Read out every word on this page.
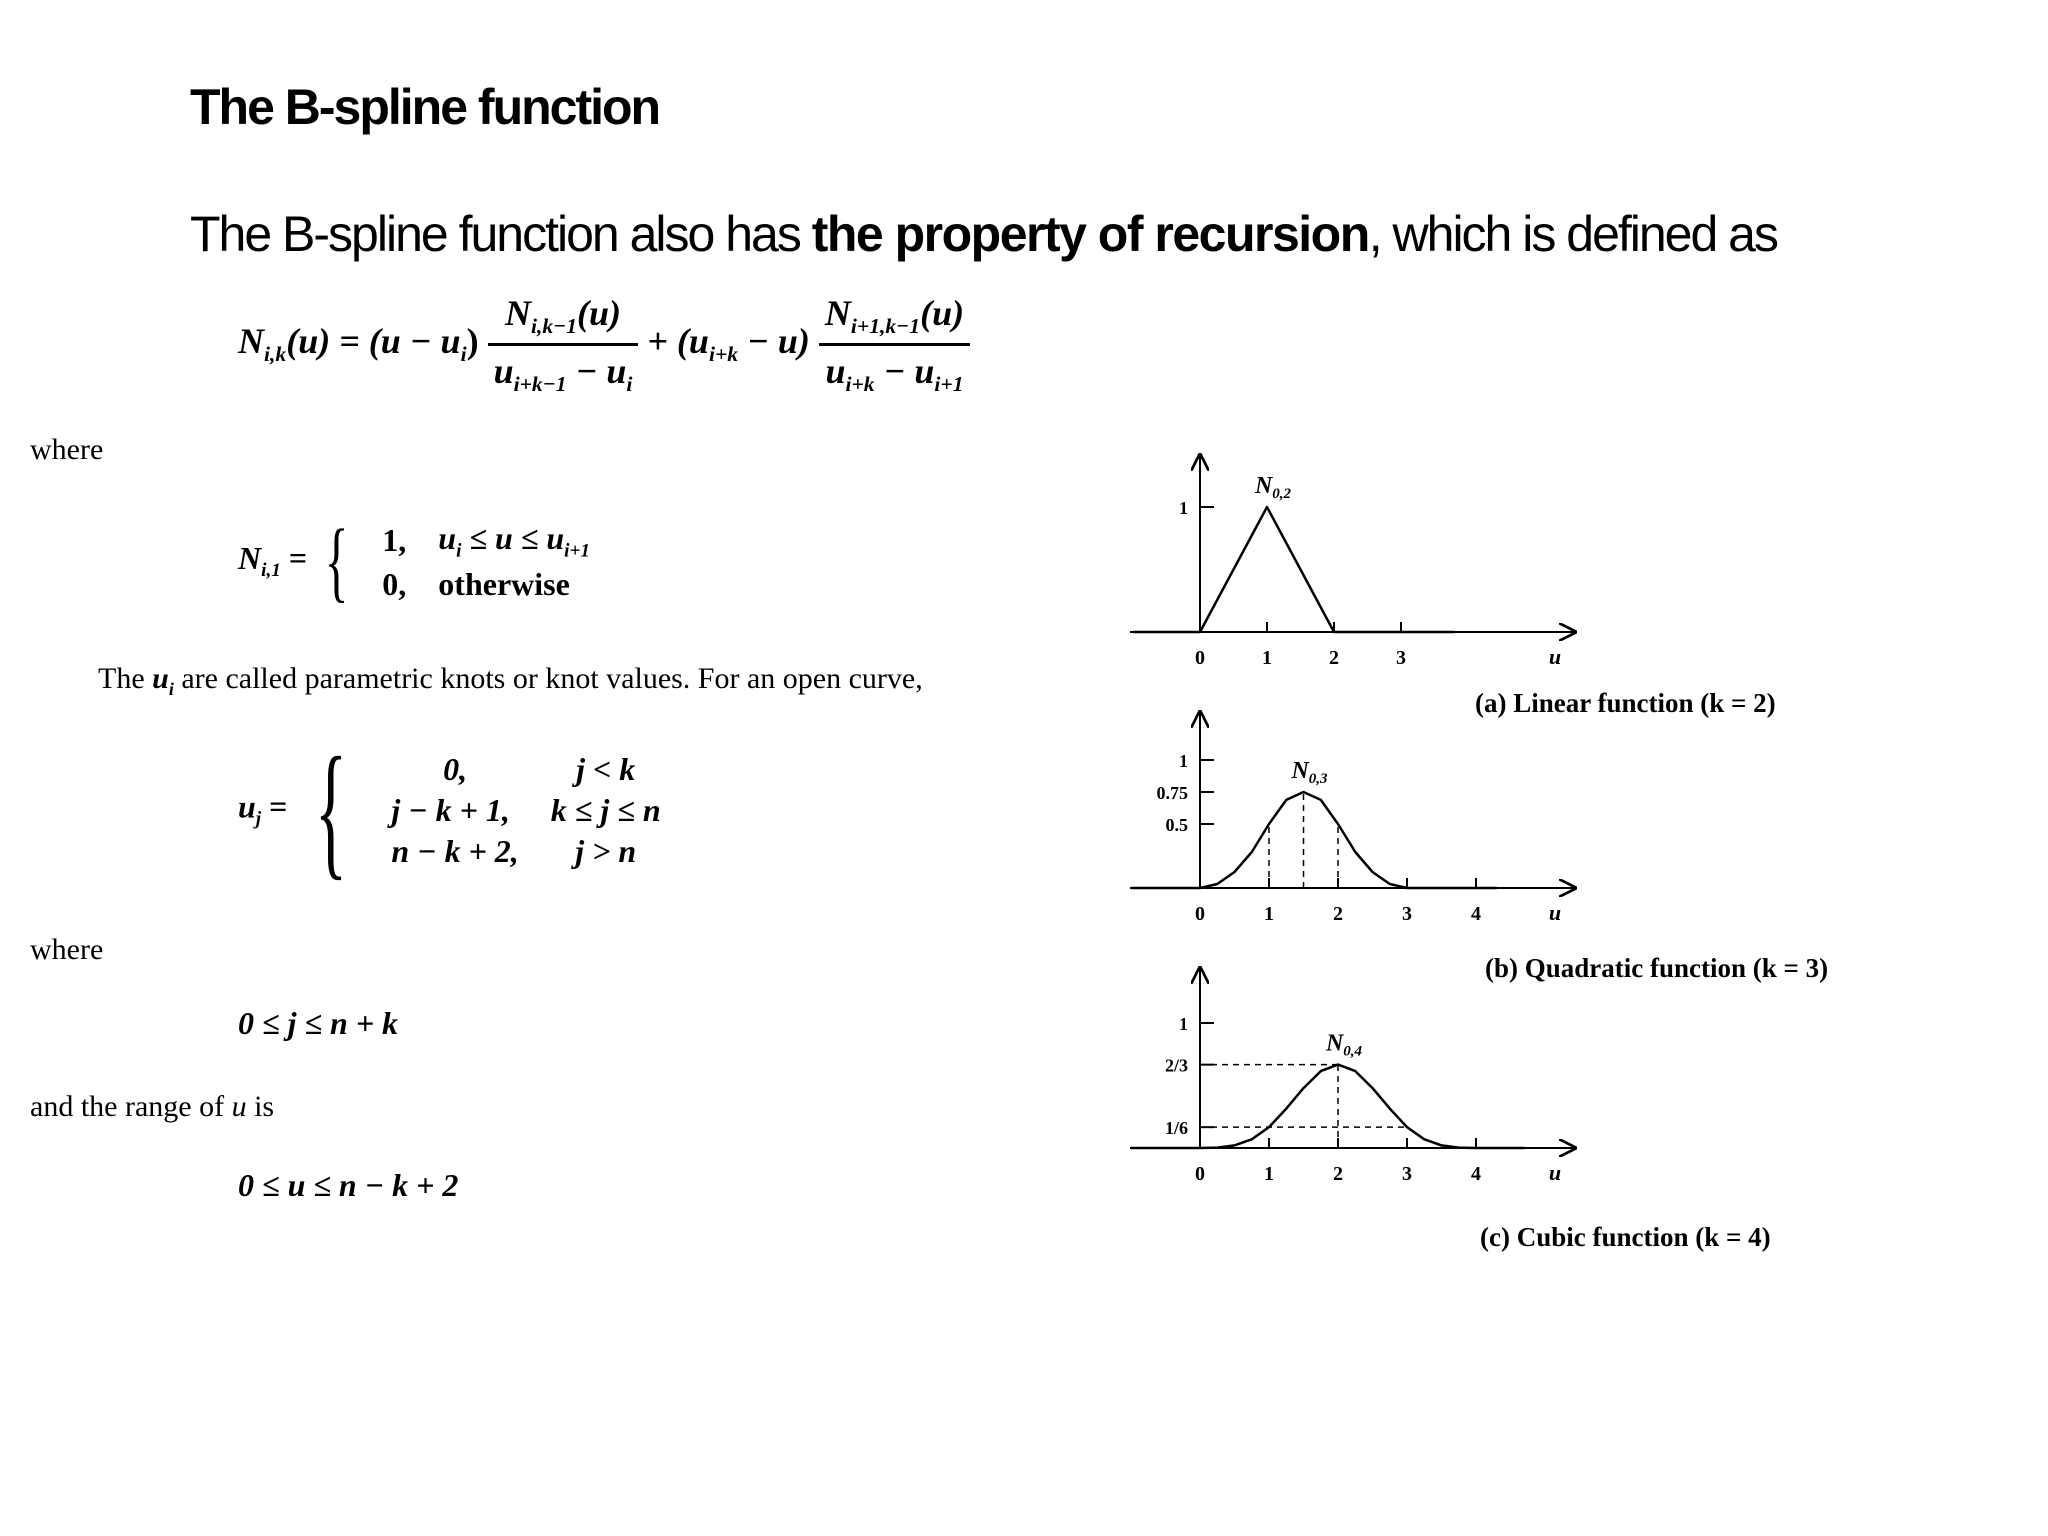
The B-spline function
The B-spline function also has the property of recursion, which is defined as
$N_{i,k}(u) = (u - u_i) \frac{N_{i,k-1}(u)}{u_{i+k-1} - u_i} + (u_{i+k} - u) \frac{N_{i+1,k-1}(u)}{u_{i+k} - u_{i+1}}$
where
$N_{i,1}$ = { 1,	$u_i \le u \le u_{i+1}$
0,	otherwise
The $u_i$ are called parametric knots or knot values. For an open curve,
$u_j$ = {	0,	j < k
j − k + 1,	k ≤ j ≤ n
n − k + 2,	j > n
where
0 ≤ j ≤ n + k
and the range of u is
0 ≤ u ≤ n − k + 2
0	1	2	3	u
1
$N_{0,2}$
0	1	2	3	4	u
1
0.75
0.5
$N_{0,3}$
0	1	2	3	4	u
1
2/3
1/6
$N_{0,4}$
(a) Linear function (k = 2)
(b) Quadratic function (k = 3)
(c) Cubic function (k = 4)
